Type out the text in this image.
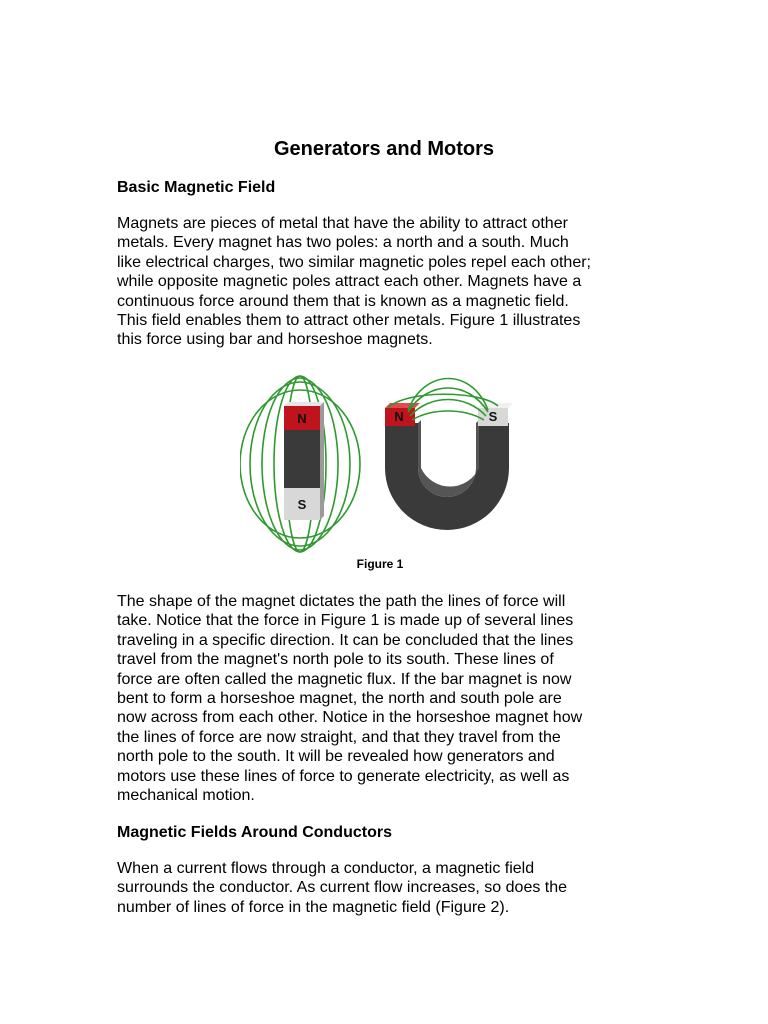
Generators and Motors
Basic Magnetic Field

Magnets are pieces of metal that have the ability to attract other
metals. Every magnet has two poles: a north and a south. Much
like electrical charges, two similar magnetic poles repel each other;
while opposite magnetic poles attract each other. Magnets have a
continuous force around them that is known as a magnetic field.
This field enables them to attract other metals. Figure 1 illustrates
this force using bar and horseshoe magnets.

N
S
N	S

Figure 1

The shape of the magnet dictates the path the lines of force will
take. Notice that the force in Figure 1 is made up of several lines
traveling in a specific direction. It can be concluded that the lines
travel from the magnet's north pole to its south. These lines of
force are often called the magnetic flux. If the bar magnet is now
bent to form a horseshoe magnet, the north and south pole are
now across from each other. Notice in the horseshoe magnet how
the lines of force are now straight, and that they travel from the
north pole to the south. It will be revealed how generators and
motors use these lines of force to generate electricity, as well as
mechanical motion.

Magnetic Fields Around Conductors

When a current flows through a conductor, a magnetic field
surrounds the conductor. As current flow increases, so does the
number of lines of force in the magnetic field (Figure 2).
